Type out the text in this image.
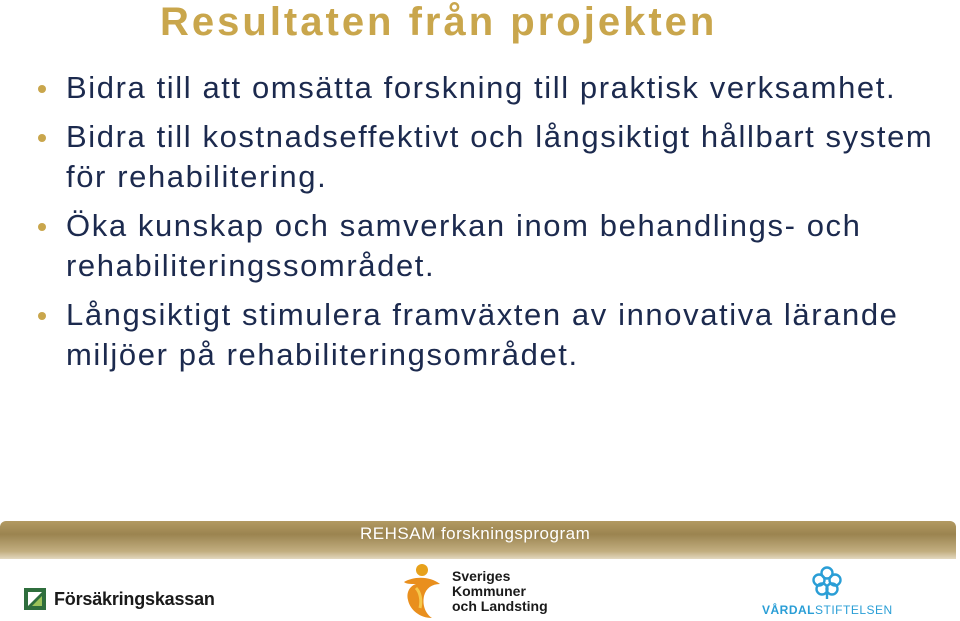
Resultaten från projekten
Bidra till att omsätta forskning till praktisk verksamhet.
Bidra till kostnadseffektivt och långsiktigt hållbart system för rehabilitering.
Öka kunskap och samverkan inom behandlings- och rehabiliteringssområdet.
Långsiktigt stimulera framväxten av innovativa lärande miljöer på rehabiliteringsområdet.
REHSAM forskningsprogram
Försäkringskassan
Sveriges
Kommuner
och Landsting	VÅRDALSTIFTELSEN
